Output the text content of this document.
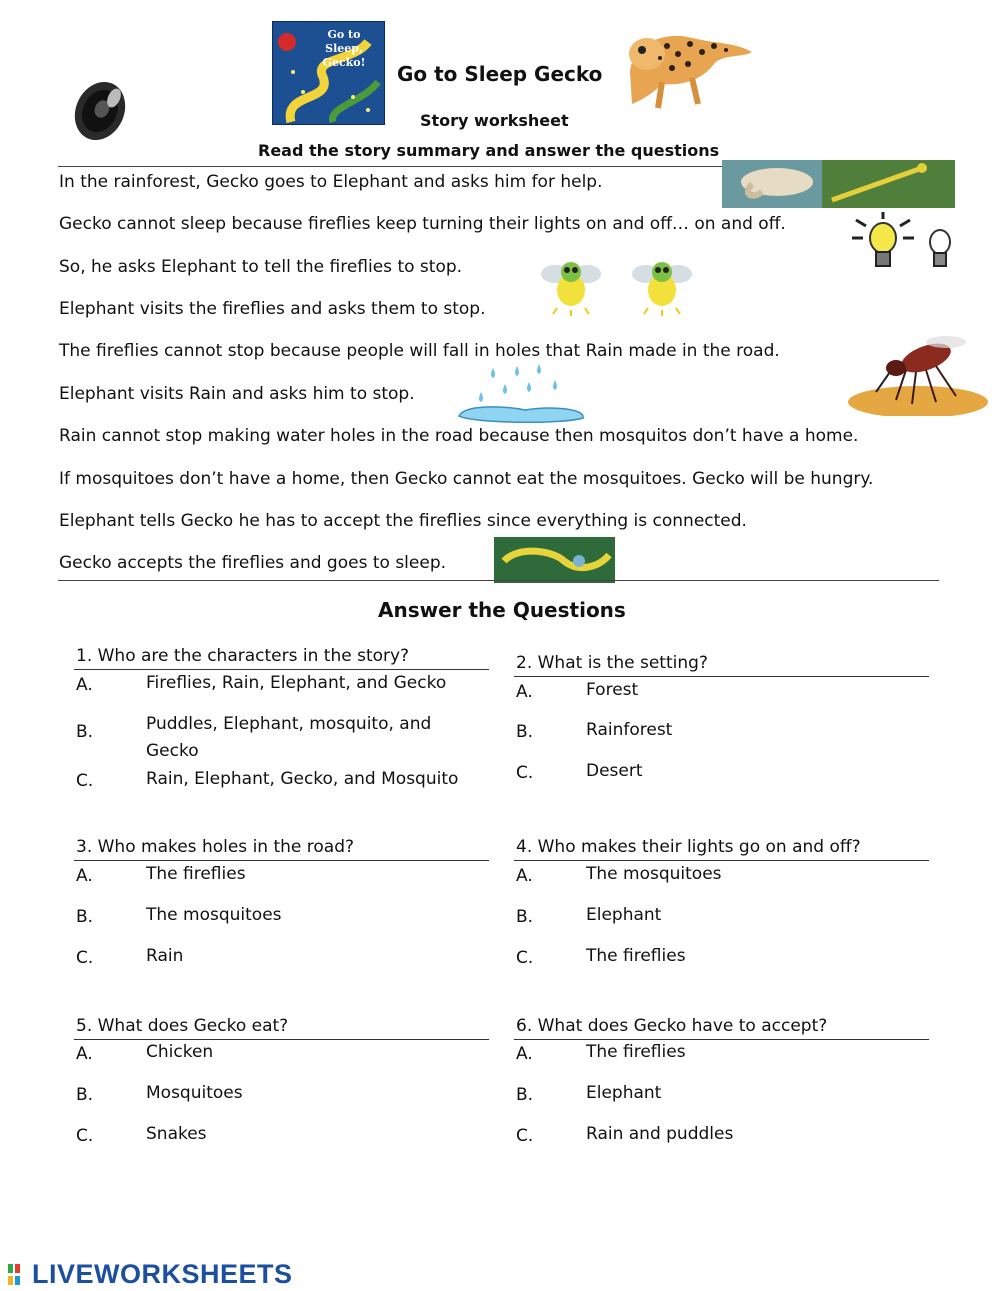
Go to Sleep, Gecko!	Go to Sleep Gecko
Story worksheet
Read the story summary and answer the questions
In the rainforest, Gecko goes to Elephant and asks him for help.
Gecko cannot sleep because fireflies keep turning their lights on and off… on and off.
So, he asks Elephant to tell the fireflies to stop.
Elephant visits the fireflies and asks them to stop.
The fireflies cannot stop because people will fall in holes that Rain made in the road.
Elephant visits Rain and asks him to stop.
Rain cannot stop making water holes in the road because then mosquitos don’t have a home.
If mosquitoes don’t have a home, then Gecko cannot eat the mosquitoes. Gecko will be hungry.
Elephant tells Gecko he has to accept the fireflies since everything is connected.
Gecko accepts the fireflies and goes to sleep.
Answer the Questions
1. Who are the characters in the story?
A.	Fireflies, Rain, Elephant, and Gecko
B.	Puddles, Elephant, mosquito, and Gecko
C.	Rain, Elephant, Gecko, and Mosquito
2. What is the setting?
A.	Forest
B.	Rainforest
C.	Desert
3. Who makes holes in the road?
A.	The fireflies
B.	The mosquitoes
C.	Rain
4. Who makes their lights go on and off?
A.	The mosquitoes
B.	Elephant
C.	The fireflies
5. What does Gecko eat?
A.	Chicken
B.	Mosquitoes
C.	Snakes
6. What does Gecko have to accept?
A.	The fireflies
B.	Elephant
C.	Rain and puddles
LIVEWORKSHEETS
